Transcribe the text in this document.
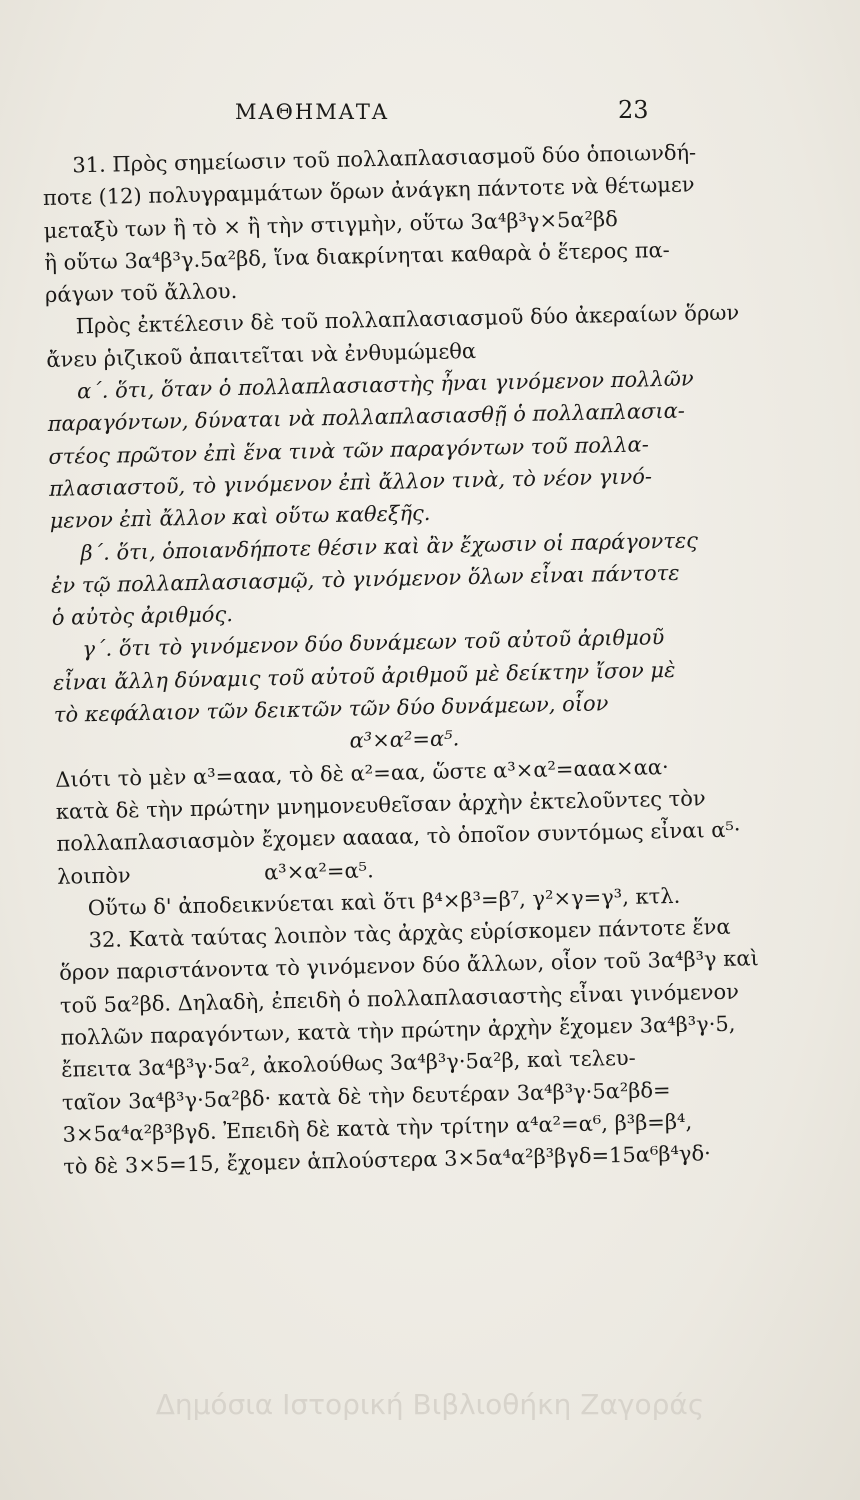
ΜΑΘΗΜΑΤΑ	23
31. Πρὸς σημείωσιν τοῦ πολλαπλασιασμοῦ δύο ὁποιωνδή-
ποτε (12) πολυγραμμάτων ὅρων ἀνάγκη πάντοτε νὰ θέτωμεν
μεταξὺ των ἢ τὸ × ἢ τὴν στιγμὴν, οὕτω 3α⁴β³γ×5α²βδ
ἢ οὕτω 3α⁴β³γ.5α²βδ, ἵνα διακρίνηται καθαρὰ ὁ ἕτερος πα-
ράγων τοῦ ἄλλου.
Πρὸς ἐκτέλεσιν δὲ τοῦ πολλαπλασιασμοῦ δύο ἀκεραίων ὅρων
ἄνευ ῥιζικοῦ ἀπαιτεῖται νὰ ἐνθυμώμεθα
α΄. ὅτι, ὅταν ὁ πολλαπλασιαστὴς ἦναι γινόμενον πολλῶν
παραγόντων, δύναται νὰ πολλαπλασιασθῇ ὁ πολλαπλασια-
στέος πρῶτον ἐπὶ ἕνα τινὰ τῶν παραγόντων τοῦ πολλα-
πλασιαστοῦ, τὸ γινόμενον ἐπὶ ἄλλον τινὰ, τὸ νέον γινό-
μενον ἐπὶ ἄλλον καὶ οὕτω καθεξῆς.
β΄. ὅτι, ὁποιανδήποτε θέσιν καὶ ἂν ἔχωσιν οἱ παράγοντες
ἐν τῷ πολλαπλασιασμῷ, τὸ γινόμενον ὅλων εἶναι πάντοτε
ὁ αὐτὸς ἀριθμός.
γ΄. ὅτι τὸ γινόμενον δύο δυνάμεων τοῦ αὐτοῦ ἀριθμοῦ
εἶναι ἄλλη δύναμις τοῦ αὐτοῦ ἀριθμοῦ μὲ δείκτην ἴσον μὲ
τὸ κεφάλαιον τῶν δεικτῶν τῶν δύο δυνάμεων, οἷον
α³×α²=α⁵.
Διότι τὸ μὲν α³=ααα, τὸ δὲ α²=αα, ὥστε α³×α²=ααα×αα·
κατὰ δὲ τὴν πρώτην μνημονευθεῖσαν ἀρχὴν ἐκτελοῦντες τὸν
πολλαπλασιασμὸν ἔχομεν ααααα, τὸ ὁποῖον συντόμως εἶναι α⁵·
λοιπὸν                    α³×α²=α⁵.
Οὕτω δ' ἀποδεικνύεται καὶ ὅτι β⁴×β³=β⁷, γ²×γ=γ³, κτλ.
32. Κατὰ ταύτας λοιπὸν τὰς ἀρχὰς εὑρίσκομεν πάντοτε ἕνα
ὅρον παριστάνοντα τὸ γινόμενον δύο ἄλλων, οἷον τοῦ 3α⁴β³γ καὶ
τοῦ 5α²βδ. Δηλαδὴ, ἐπειδὴ ὁ πολλαπλασιαστὴς εἶναι γινόμενον
πολλῶν παραγόντων, κατὰ τὴν πρώτην ἀρχὴν ἔχομεν 3α⁴β³γ·5,
ἔπειτα 3α⁴β³γ·5α², ἀκολούθως 3α⁴β³γ·5α²β, καὶ τελευ-
ταῖον 3α⁴β³γ·5α²βδ· κατὰ δὲ τὴν δευτέραν 3α⁴β³γ·5α²βδ=
3×5α⁴α²β³βγδ. Ἐπειδὴ δὲ κατὰ τὴν τρίτην α⁴α²=α⁶, β³β=β⁴,
τὸ δὲ 3×5=15, ἔχομεν ἁπλούστερα 3×5α⁴α²β³βγδ=15α⁶β⁴γδ·
Δημόσια Ιστορική Βιβλιοθήκη Ζαγοράς
